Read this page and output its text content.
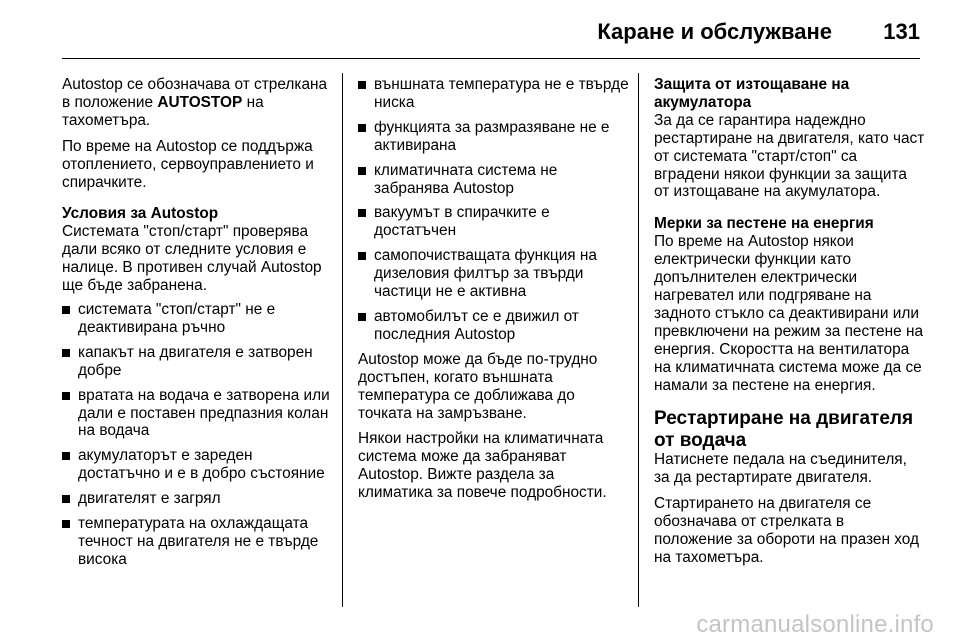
Каране и обслужване 131

Autostop се обозначава от стрелкана в положение AUTOSTOP на тахометъра.

По време на Autostop се поддържа отоплението, сервоуправлението и спирачките.

Условия за Autostop

Системата "стоп/старт" проверява дали всяко от следните условия е налице. В противен случай Autostop ще бъде забранена.

системата "стоп/старт" не е деактивирана ръчно
капакът на двигателя е затворен добре
вратата на водача е затворена или дали е поставен предпазния колан на водача
акумулаторът е зареден достатъчно и е в добро състояние
двигателят е загрял
температурата на охлаждащата течност на двигателя не е твърде висока
външната температура не е твърде ниска
функцията за размразяване не е активирана
климатичната система не забранява Autostop
вакуумът в спирачките е достатъчен
самопочистващата функция на дизеловия филтър за твърди частици не е активна
автомобилът се е движил от последния Autostop

Autostop може да бъде по-трудно достъпен, когато външната температура се доближава до точката на замръзване.

Някои настройки на климатичната система може да забраняват Autostop. Вижте раздела за климатика за повече подробности.

Защита от изтощаване на акумулатора

За да се гарантира надеждно рестартиране на двигателя, като част от системата "старт/стоп" са вградени някои функции за защита от изтощаване на акумулатора.

Мерки за пестене на енергия

По време на Autostop някои електрически функции като допълнителен електрически нагревател или подгряване на задното стъкло са деактивирани или превключени на режим за пестене на енергия. Скоростта на вентилатора на климатичната система може да се намали за пестене на енергия.

Рестартиране на двигателя от водача

Натиснете педала на съединителя, за да рестартирате двигателя.

Стартирането на двигателя се обозначава от стрелката в положение за обороти на празен ход на тахометъра.

carmanualsonline.info
